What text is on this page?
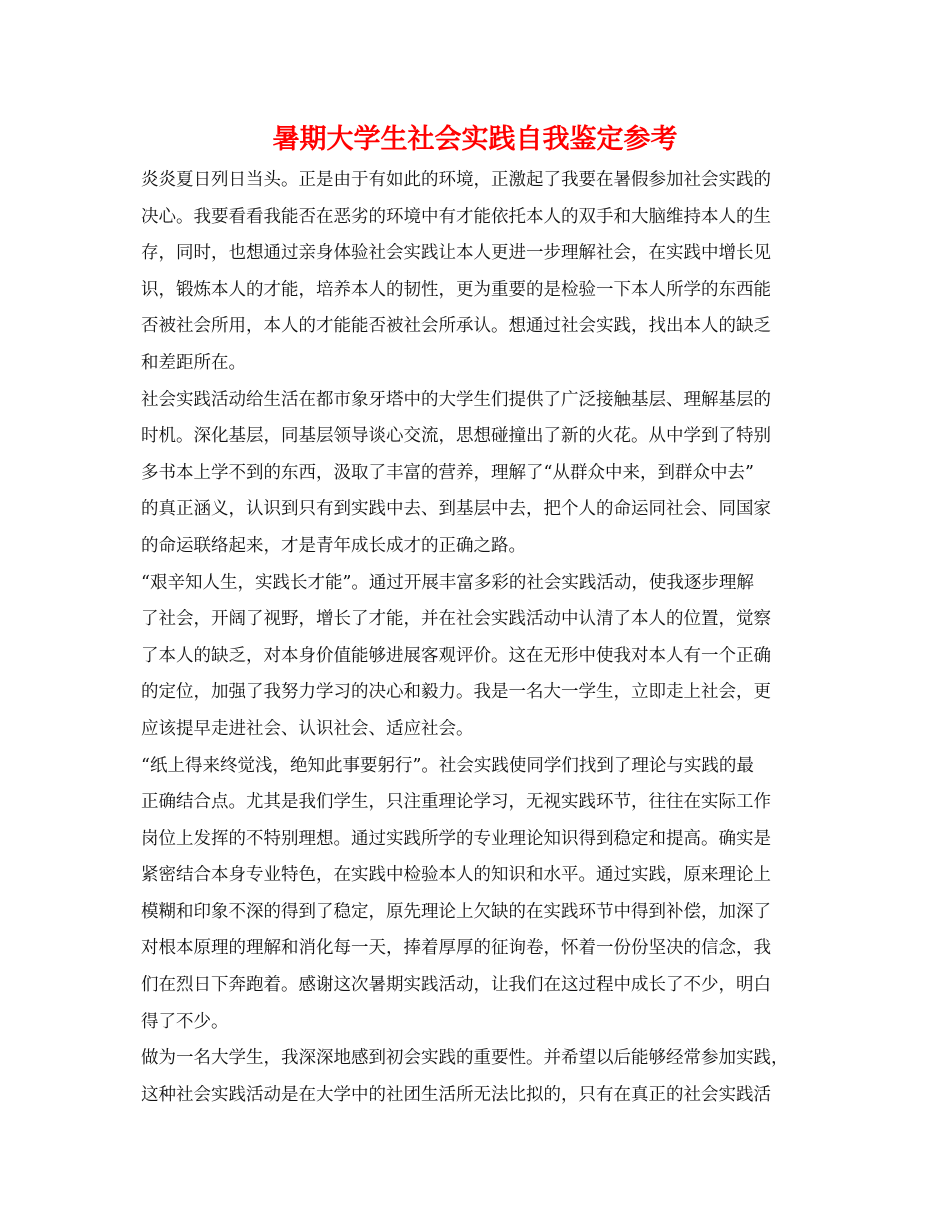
暑期大学生社会实践自我鉴定参考
炎炎夏日列日当头。正是由于有如此的环境，正激起了我要在暑假参加社会实践的
决心。我要看看我能否在恶劣的环境中有才能依托本人的双手和大脑维持本人的生
存，同时，也想通过亲身体验社会实践让本人更进一步理解社会，在实践中增长见
识，锻炼本人的才能，培养本人的韧性，更为重要的是检验一下本人所学的东西能
否被社会所用，本人的才能能否被社会所承认。想通过社会实践，找出本人的缺乏
和差距所在。
社会实践活动给生活在都市象牙塔中的大学生们提供了广泛接触基层、理解基层的
时机。深化基层，同基层领导谈心交流，思想碰撞出了新的火花。从中学到了特别
多书本上学不到的东西，汲取了丰富的营养，理解了“从群众中来，到群众中去”
的真正涵义，认识到只有到实践中去、到基层中去，把个人的命运同社会、同国家
的命运联络起来，才是青年成长成才的正确之路。
“艰辛知人生，实践长才能”。通过开展丰富多彩的社会实践活动，使我逐步理解
了社会，开阔了视野，增长了才能，并在社会实践活动中认清了本人的位置，觉察
了本人的缺乏，对本身价值能够进展客观评价。这在无形中使我对本人有一个正确
的定位，加强了我努力学习的决心和毅力。我是一名大一学生，立即走上社会，更
应该提早走进社会、认识社会、适应社会。
“纸上得来终觉浅，绝知此事要躬行”。社会实践使同学们找到了理论与实践的最
正确结合点。尤其是我们学生，只注重理论学习，无视实践环节，往往在实际工作
岗位上发挥的不特别理想。通过实践所学的专业理论知识得到稳定和提高。确实是
紧密结合本身专业特色，在实践中检验本人的知识和水平。通过实践，原来理论上
模糊和印象不深的得到了稳定，原先理论上欠缺的在实践环节中得到补偿，加深了
对根本原理的理解和消化每一天，捧着厚厚的征询卷，怀着一份份坚决的信念，我
们在烈日下奔跑着。感谢这次暑期实践活动，让我们在这过程中成长了不少，明白
得了不少。
做为一名大学生，我深深地感到初会实践的重要性。并希望以后能够经常参加实践，
这种社会实践活动是在大学中的社团生活所无法比拟的，只有在真正的社会实践活
